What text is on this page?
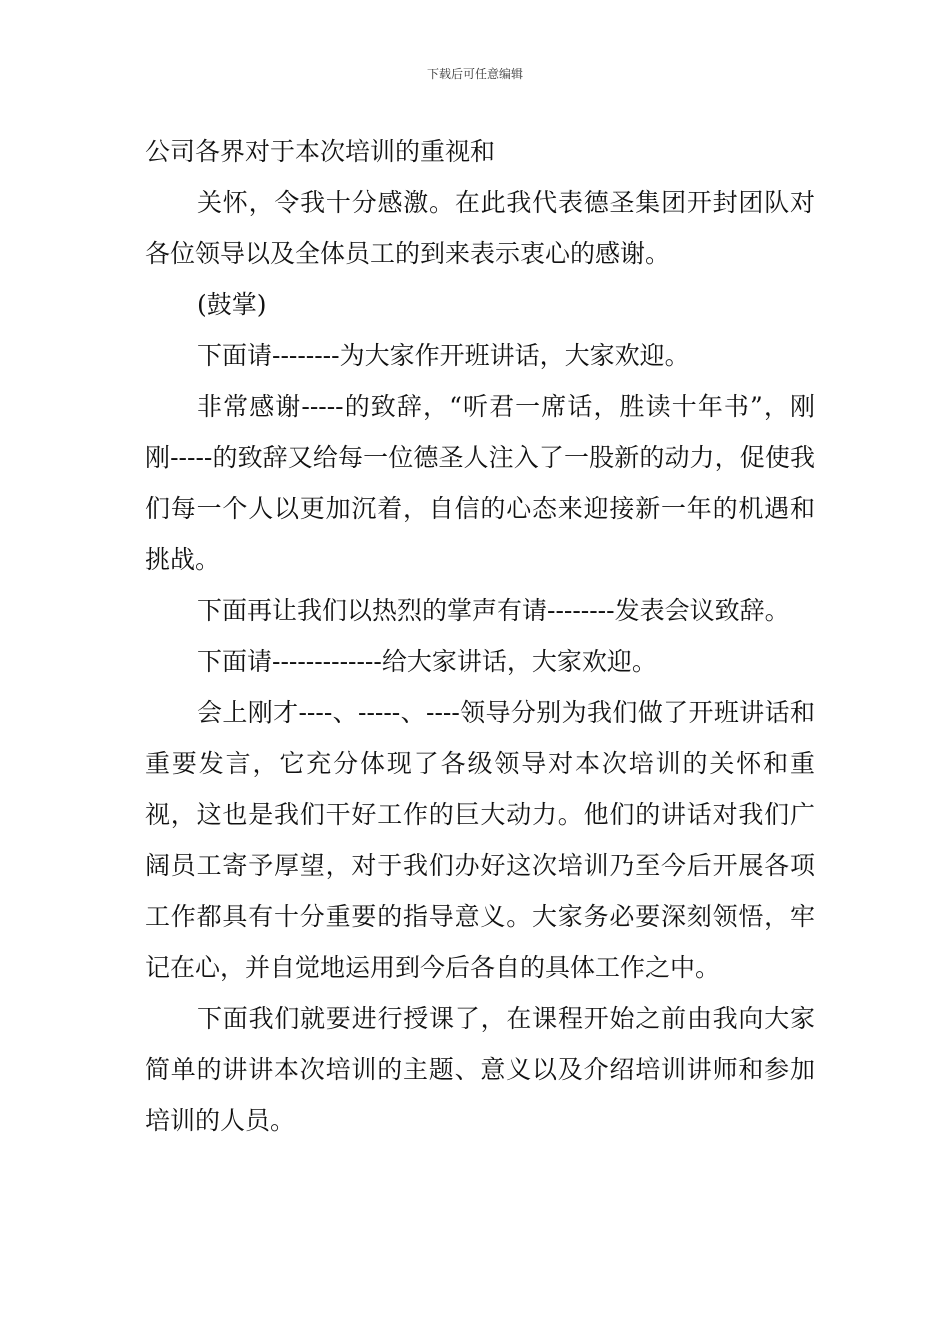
下载后可任意编辑

公司各界对于本次培训的重视和

关怀，令我十分感激。在此我代表德圣集团开封团队对各位领导以及全体员工的到来表示衷心的感谢。

(鼓掌)

下面请--------为大家作开班讲话，大家欢迎。

非常感谢-----的致辞，“听君一席话，胜读十年书”，刚刚-----的致辞又给每一位德圣人注入了一股新的动力，促使我们每一个人以更加沉着，自信的心态来迎接新一年的机遇和挑战。

下面再让我们以热烈的掌声有请--------发表会议致辞。

下面请-------------给大家讲话，大家欢迎。

会上刚才----、-----、----领导分别为我们做了开班讲话和重要发言，它充分体现了各级领导对本次培训的关怀和重视，这也是我们干好工作的巨大动力。他们的讲话对我们广阔员工寄予厚望，对于我们办好这次培训乃至今后开展各项工作都具有十分重要的指导意义。大家务必要深刻领悟，牢记在心，并自觉地运用到今后各自的具体工作之中。

下面我们就要进行授课了，在课程开始之前由我向大家简单的讲讲本次培训的主题、意义以及介绍培训讲师和参加培训的人员。
